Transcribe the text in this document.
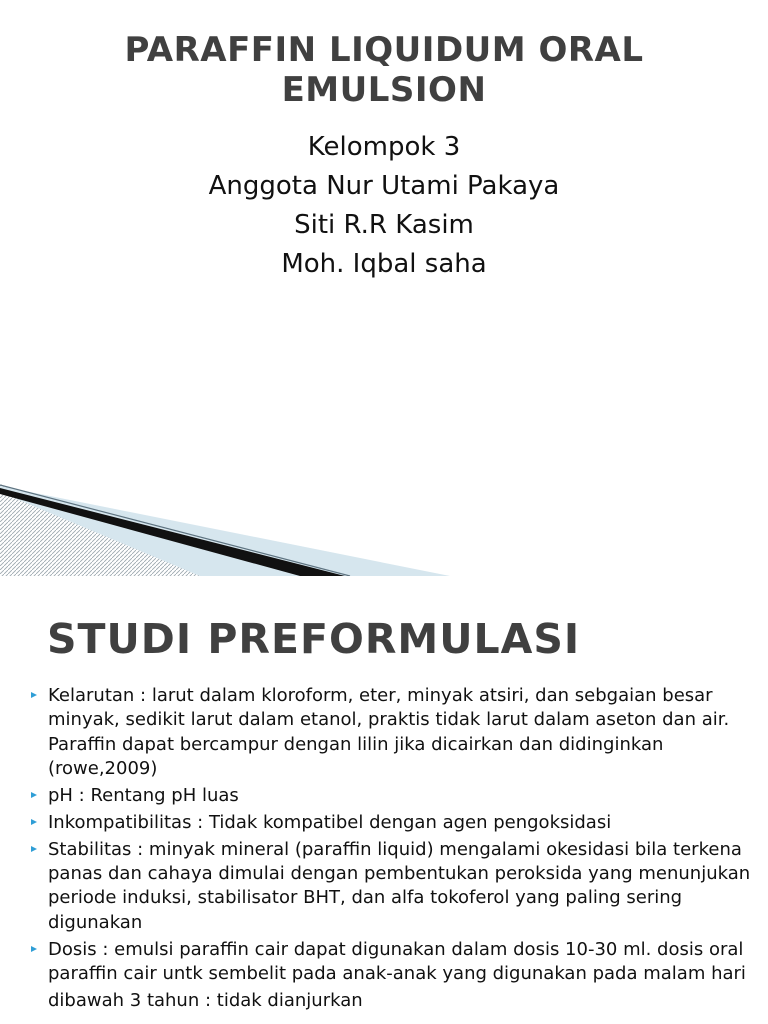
PARAFFIN LIQUIDUM ORAL
EMULSION
Kelompok 3
Anggota Nur Utami Pakaya
Siti R.R Kasim
Moh. Iqbal saha
STUDI PREFORMULASI
Kelarutan : larut dalam kloroform, eter, minyak atsiri, dan sebgaian besar minyak, sedikit larut dalam etanol, praktis tidak larut dalam aseton dan air. Paraffin dapat bercampur dengan lilin jika dicairkan dan didinginkan (rowe,2009)
pH : Rentang pH luas
Inkompatibilitas : Tidak kompatibel dengan agen pengoksidasi
Stabilitas : minyak mineral (paraffin liquid) mengalami okesidasi bila terkena panas dan cahaya dimulai dengan pembentukan peroksida yang menunjukan periode induksi, stabilisator BHT, dan alfa tokoferol yang paling sering digunakan
Dosis : emulsi paraffin cair dapat digunakan dalam dosis 10-30 ml. dosis oral paraffin cair untk sembelit pada anak-anak yang digunakan pada malam hari
dibawah 3 tahun : tidak dianjurkan
